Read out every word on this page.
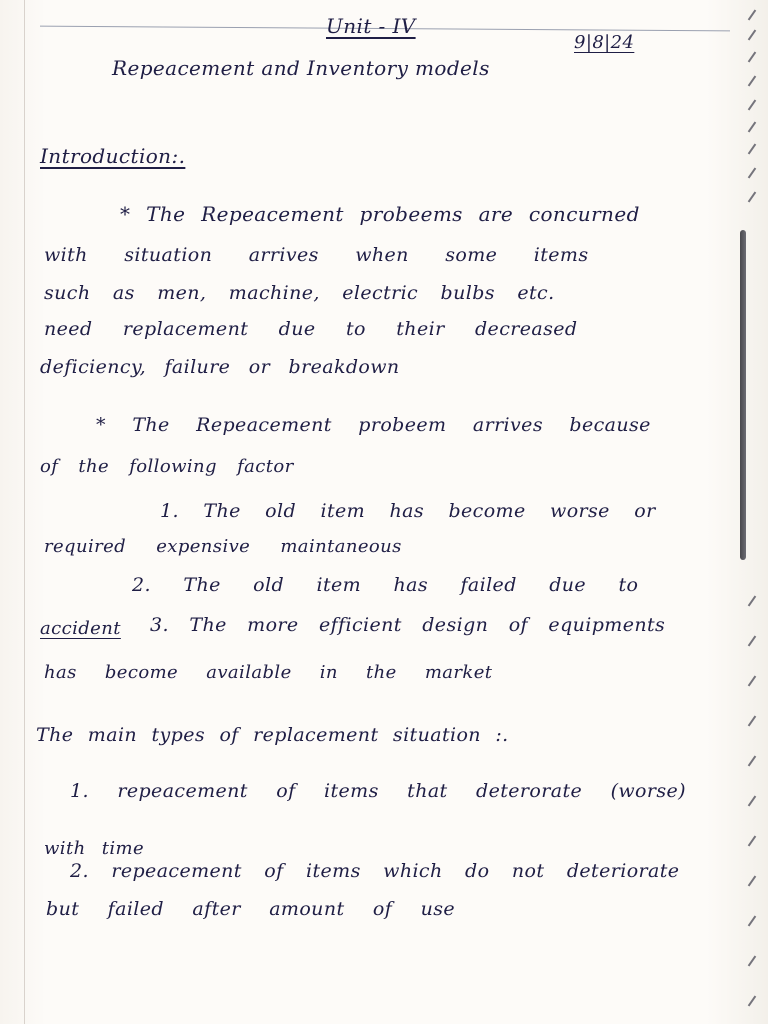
Unit - IV
9|8|24
Repeacement and Inventory models
Introduction:.
* The Repeacement probeems are concurned
with situation arrives when some items
such as men, machine, electric bulbs etc.
need replacement due to their decreased
deficiency, failure or breakdown
* The Repeacement probeem arrives because
of the following factor
1. The old item has become worse or
required expensive maintaneous
2. The old item has failed due to
accident 3. The more efficient design of equipments
has become available in the market
The main types of replacement situation :.
1. repeacement of items that deterorate (worse)
with time
2. repeacement of items which do not deteriorate
but failed after amount of use
